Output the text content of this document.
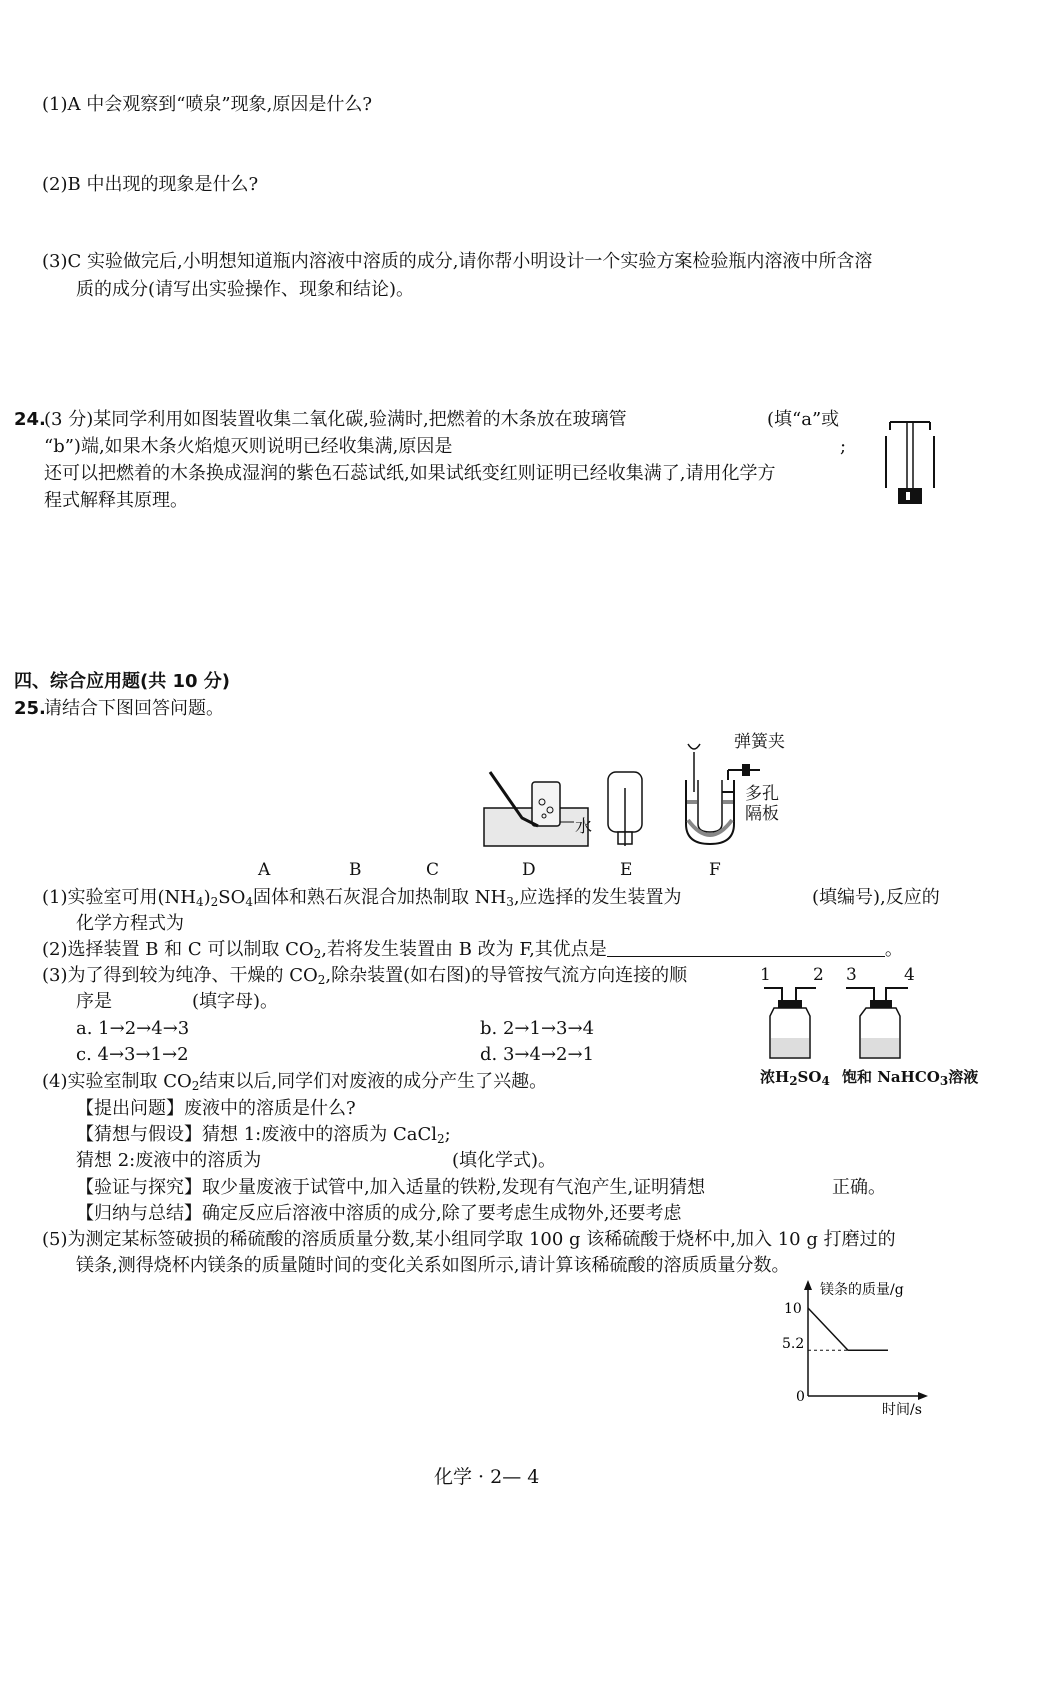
(1)A 中会观察到“喷泉”现象,原因是什么?
(2)B 中出现的现象是什么?
(3)C 实验做完后,小明想知道瓶内溶液中溶质的成分,请你帮小明设计一个实验方案检验瓶内溶液中所含溶
质的成分(请写出实验操作、现象和结论)。
24.
(3 分)某同学利用如图装置收集二氧化碳,验满时,把燃着的木条放在玻璃管	(填“a”或
“b”)端,如果木条火焰熄灭则说明已经收集满,原因是	;
还可以把燃着的木条换成湿润的紫色石蕊试纸,如果试纸变红则证明已经收集满了,请用化学方
程式解释其原理。
四、综合应用题(共 10 分)
25.
请结合下图回答问题。
水
弹簧夹
多孔
隔板
A	B	C	D	E	F
(1)实验室可用$(NH_4)_2SO_4$固体和熟石灰混合加热制取 $NH_3$,应选择的发生装置为	(填编号),反应的
化学方程式为
(2)选择装置 B 和 C 可以制取 $CO_2$,若将发生装置由 B 改为 F,其优点是	。
(3)为了得到较为纯净、干燥的 $CO_2$,除杂装置(如右图)的导管按气流方向连接的顺
序是	(填字母)。
a. 1→2→4→3	b. 2→1→3→4
c. 4→3→1→2	d. 3→4→2→1
1 2 3	4
浓$H_2SO_4$ 饱和 NaHCO$_3$溶液
(4)实验室制取 $CO_2$结束以后,同学们对废液的成分产生了兴趣。
【提出问题】废液中的溶质是什么?
【猜想与假设】猜想 1:废液中的溶质为 CaCl$_2$;
猜想 2:废液中的溶质为	(填化学式)。
【验证与探究】取少量废液于试管中,加入适量的铁粉,发现有气泡产生,证明猜想	正确。
【归纳与总结】确定反应后溶液中溶质的成分,除了要考虑生成物外,还要考虑
(5)为测定某标签破损的稀硫酸的溶质质量分数,某小组同学取 100 g 该稀硫酸于烧杯中,加入 10 g 打磨过的
镁条,测得烧杯内镁条的质量随时间的变化关系如图所示,请计算该稀硫酸的溶质质量分数。
镁条的质量/g
时间/s
10
5.2
0
化学 · 2— 4
